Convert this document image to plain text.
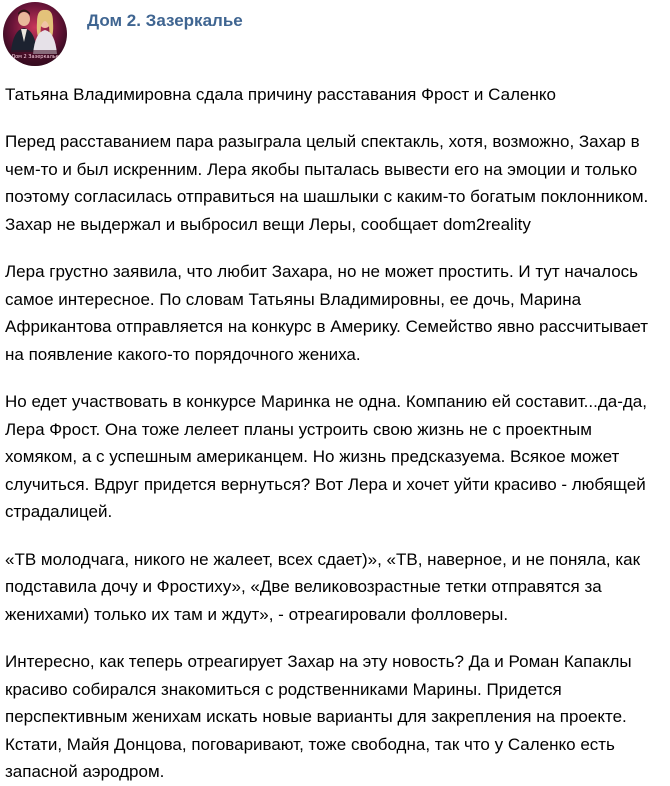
Дом 2 Зазеркалье
Дом 2. Зазеркалье

Татьяна Владимировна сдала причину расставания Фрост и Саленко

Перед расставанием пара разыграла целый спектакль, хотя, возможно, Захар в
чем-то и был искренним. Лера якобы пыталась вывести его на эмоции и только
поэтому согласилась отправиться на шашлыки с каким-то богатым поклонником.
Захар не выдержал и выбросил вещи Леры, сообщает dom2reality

Лера грустно заявила, что любит Захара, но не может простить. И тут началось
самое интересное. По словам Татьяны Владимировны, ее дочь, Марина
Африкантова отправляется на конкурс в Америку. Семейство явно рассчитывает
на появление какого-то порядочного жениха.

Но едет участвовать в конкурсе Маринка не одна. Компанию ей составит...да-да,
Лера Фрост. Она тоже лелеет планы устроить свою жизнь не с проектным
хомяком, а с успешным американцем. Но жизнь предсказуема. Всякое может
случиться. Вдруг придется вернуться? Вот Лера и хочет уйти красиво - любящей
страдалицей.

«ТВ молодчага, никого не жалеет, всех сдает)», «ТВ, наверное, и не поняла, как
подставила дочу и Фростиху», «Две великовозрастные тетки отправятся за
женихами) только их там и ждут», - отреагировали фолловеры.

Интересно, как теперь отреагирует Захар на эту новость? Да и Роман Капаклы
красиво собирался знакомиться с родственниками Марины. Придется
перспективным женихам искать новые варианты для закрепления на проекте.
Кстати, Майя Донцова, поговаривают, тоже свободна, так что у Саленко есть
запасной аэродром.
